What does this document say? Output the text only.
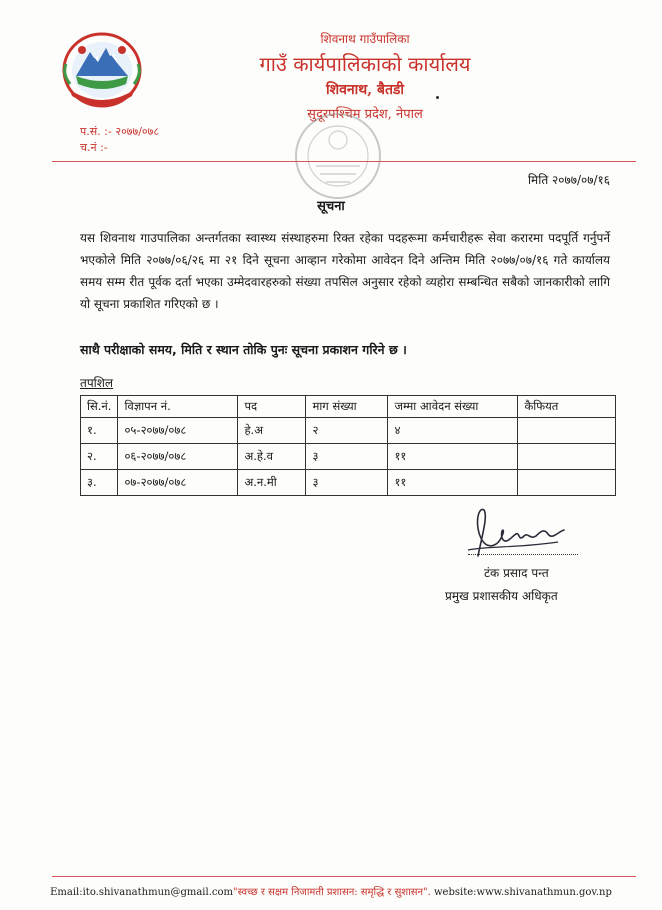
शिवनाथ गाउँपालिका
गाउँ कार्यपालिकाको कार्यालय
शिवनाथ, बैतडी
सुदूरपश्चिम प्रदेश, नेपाल
प.सं. :- २०७७/०७८
च.नं :-
मिति २०७७/०७/१६
सूचना
यस शिवनाथ गाउपालिका अन्तर्गतका स्वास्थ्य संस्थाहरुमा रिक्त रहेका पदहरूमा कर्मचारीहरू सेवा करारमा पदपूर्ति गर्नुपर्ने भएकोले मिति २०७७/०६/२६ मा २१ दिने सूचना आव्हान गरेकोमा आवेदन दिने अन्तिम मिति २०७७/०७/१६ गते कार्यालय समय सम्म रीत पूर्वक दर्ता भएका उम्मेदवारहरुको संख्या तपसिल अनुसार रहेको व्यहोरा सम्बन्धित सबैको जानकारीको लागि यो सूचना प्रकाशित गरिएको छ ।
साथै परीक्षाको समय, मिति र स्थान तोकि पुनः सूचना प्रकाशन गरिने छ ।
तपशिल
सि.नं.	विज्ञापन नं.	पद	माग संख्या	जम्मा आवेदन संख्या	कैफियत
१.	०५-२०७७/०७८	हे.अ	२	४	
२.	०६-२०७७/०७८	अ.हे.व	३	११	
३.	०७-२०७७/०७८	अ.न.मी	३	११	
टंक प्रसाद पन्त
प्रमुख प्रशासकीय अधिकृत
Email:ito.shivanathmun@gmail.com"स्वच्छ र सक्षम निजामती प्रशासन: समृद्धि र सुशासन". website:www.shivanathmun.gov.np
